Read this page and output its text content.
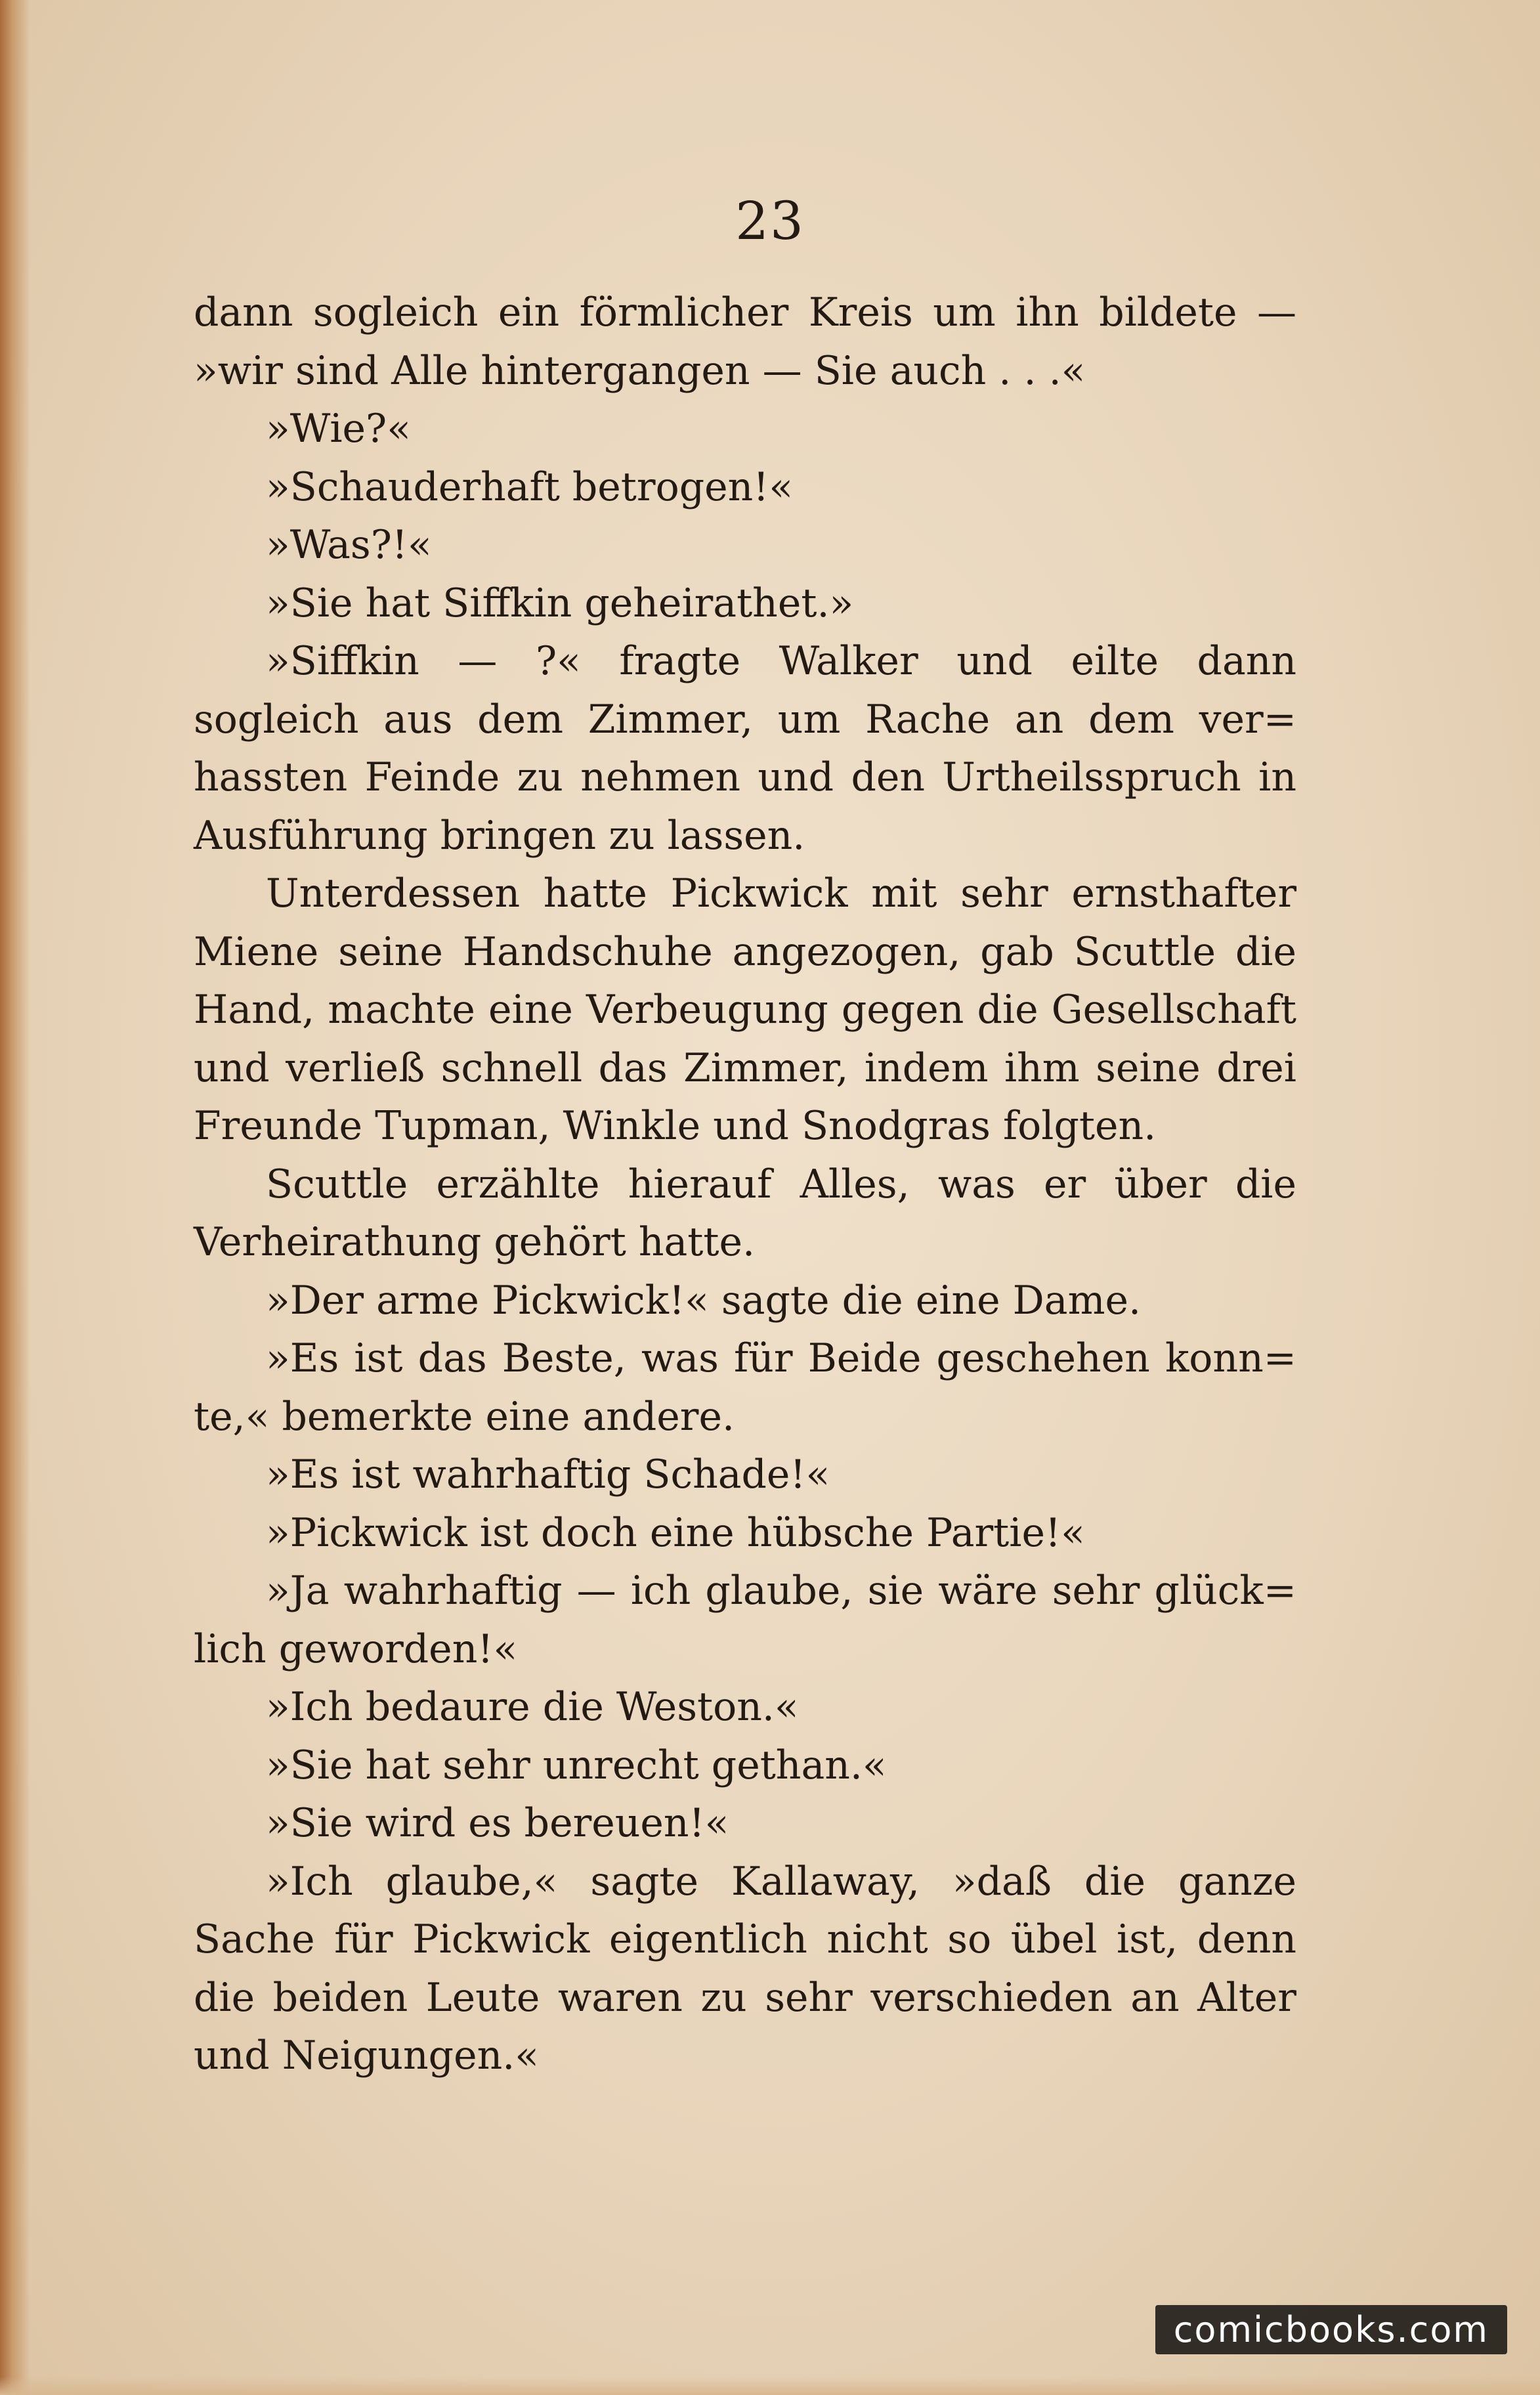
23
dann sogleich ein förmlicher Kreis um ihn bildete —
»wir sind Alle hintergangen — Sie auch . . .«
»Wie?«
»Schauderhaft betrogen!«
»Was?!«
»Sie hat Siffkin geheirathet.»
»Siffkin — ?« fragte Walker und eilte dann
sogleich aus dem Zimmer, um Rache an dem ver=
hassten Feinde zu nehmen und den Urtheilsspruch in
Ausführung bringen zu lassen.
Unterdessen hatte Pickwick mit sehr ernsthafter
Miene seine Handschuhe angezogen, gab Scuttle die
Hand, machte eine Verbeugung gegen die Gesellschaft
und verließ schnell das Zimmer, indem ihm seine drei
Freunde Tupman, Winkle und Snodgras folgten.
Scuttle erzählte hierauf Alles, was er über die
Verheirathung gehört hatte.
»Der arme Pickwick!« sagte die eine Dame.
»Es ist das Beste, was für Beide geschehen konn=
te,« bemerkte eine andere.
»Es ist wahrhaftig Schade!«
»Pickwick ist doch eine hübsche Partie!«
»Ja wahrhaftig — ich glaube, sie wäre sehr glück=
lich geworden!«
»Ich bedaure die Weston.«
»Sie hat sehr unrecht gethan.«
»Sie wird es bereuen!«
»Ich glaube,« sagte Kallaway, »daß die ganze
Sache für Pickwick eigentlich nicht so übel ist, denn
die beiden Leute waren zu sehr verschieden an Alter
und Neigungen.«
comicbooks.com
